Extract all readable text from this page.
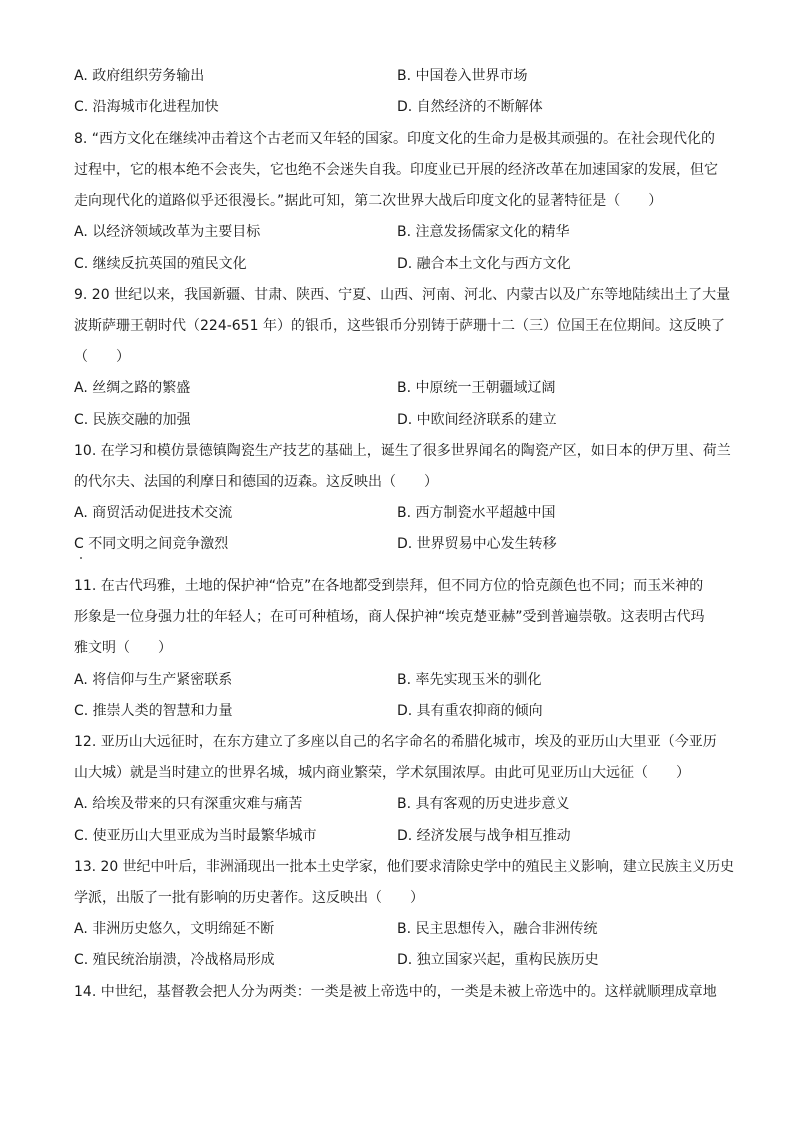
A. 政府组织劳务输出	B. 中国卷入世界市场
C. 沿海城市化进程加快	D. 自然经济的不断解体
8. “西方文化在继续冲击着这个古老而又年轻的国家。印度文化的生命力是极其顽强的。在社会现代化的
过程中，它的根本绝不会丧失，它也绝不会迷失自我。印度业已开展的经济改革在加速国家的发展，但它
走向现代化的道路似乎还很漫长。”据此可知，第二次世界大战后印度文化的显著特征是（　　）
A. 以经济领域改革为主要目标	B. 注意发扬儒家文化的精华
C. 继续反抗英国的殖民文化	D. 融合本土文化与西方文化
9. 20 世纪以来，我国新疆、甘肃、陕西、宁夏、山西、河南、河北、内蒙古以及广东等地陆续出土了大量
波斯萨珊王朝时代（224-651 年）的银币，这些银币分别铸于萨珊十二（三）位国王在位期间。这反映了
（　　）
A. 丝绸之路的繁盛	B. 中原统一王朝疆域辽阔
C. 民族交融的加强	D. 中欧间经济联系的建立
10. 在学习和模仿景德镇陶瓷生产技艺的基础上，诞生了很多世界闻名的陶瓷产区，如日本的伊万里、荷兰
的代尔夫、法国的利摩日和德国的迈森。这反映出（　　）
A. 商贸活动促进技术交流	B. 西方制瓷水平超越中国
C 不同文明之间竞争激烈	D. 世界贸易中心发生转移
11. 在古代玛雅，土地的保护神“恰克”在各地都受到崇拜，但不同方位的恰克颜色也不同；而玉米神的
形象是一位身强力壮的年轻人；在可可种植场，商人保护神“埃克楚亚赫”受到普遍崇敬。这表明古代玛
雅文明（　　）
A. 将信仰与生产紧密联系	B. 率先实现玉米的驯化
C. 推崇人类的智慧和力量	D. 具有重农抑商的倾向
12. 亚历山大远征时，在东方建立了多座以自己的名字命名的希腊化城市，埃及的亚历山大里亚（今亚历
山大城）就是当时建立的世界名城，城内商业繁荣，学术氛围浓厚。由此可见亚历山大远征（　　）
A. 给埃及带来的只有深重灾难与痛苦	B. 具有客观的历史进步意义
C. 使亚历山大里亚成为当时最繁华城市	D. 经济发展与战争相互推动
13. 20 世纪中叶后，非洲涌现出一批本土史学家，他们要求清除史学中的殖民主义影响，建立民族主义历史
学派，出版了一批有影响的历史著作。这反映出（　　）
A. 非洲历史悠久，文明绵延不断	B. 民主思想传入，融合非洲传统
C. 殖民统治崩溃，冷战格局形成	D. 独立国家兴起，重构民族历史
14. 中世纪，基督教会把人分为两类：一类是被上帝选中的，一类是未被上帝选中的。这样就顺理成章地
